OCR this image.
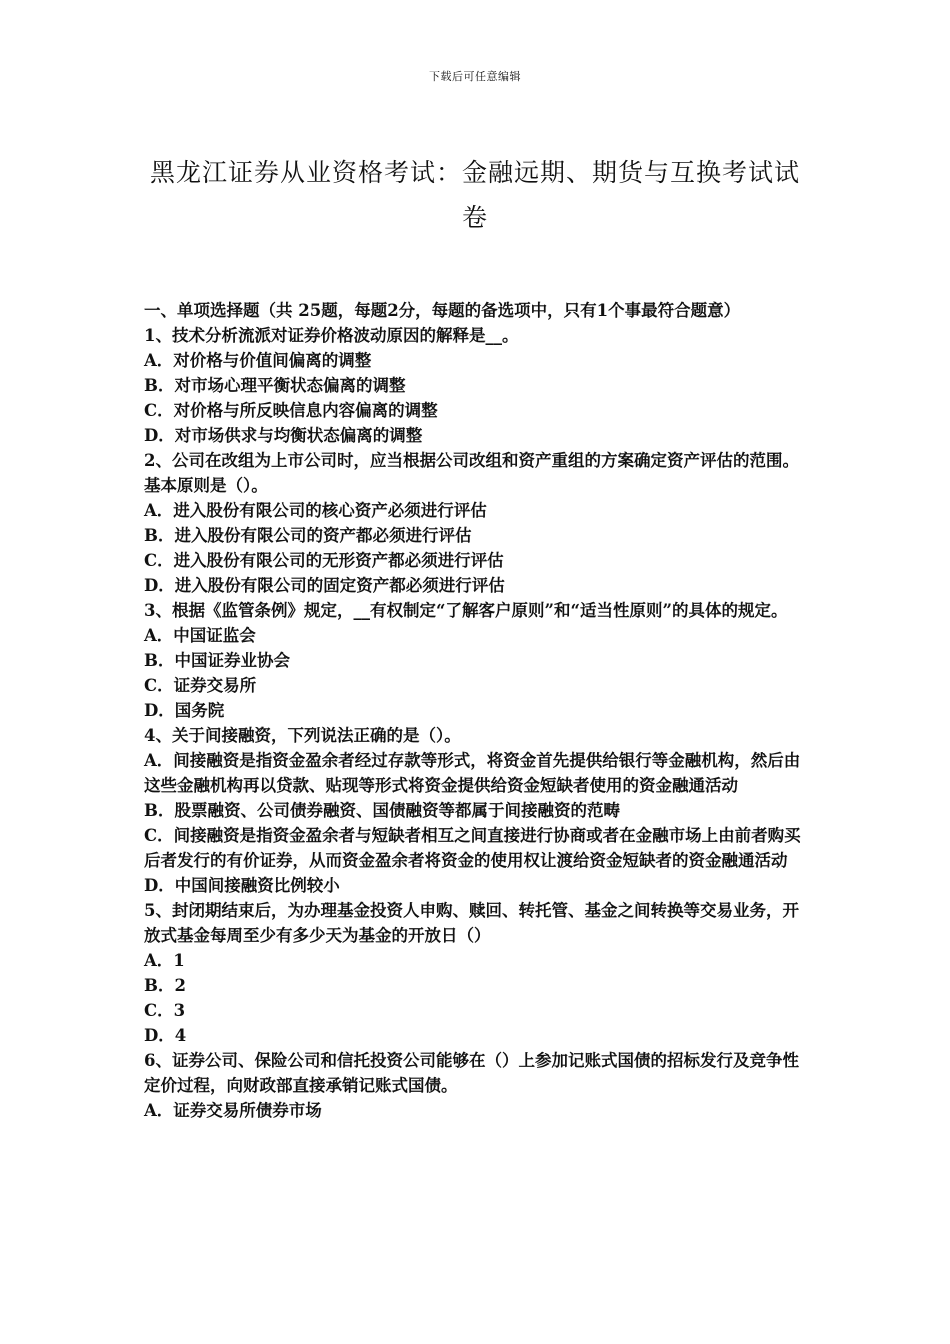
下载后可任意编辑
黑龙江证券从业资格考试：金融远期、期货与互换考试试卷

一、单项选择题（共 25题，每题2分，每题的备选项中，只有1个事最符合题意）

1、技术分析流派对证券价格波动原因的解释是__。

A．对价格与价值间偏离的调整

B．对市场心理平衡状态偏离的调整

C．对价格与所反映信息内容偏离的调整

D．对市场供求与均衡状态偏离的调整

2、公司在改组为上市公司时，应当根据公司改组和资产重组的方案确定资产评估的范围。基本原则是（）。

A．进入股份有限公司的核心资产必须进行评估

B．进入股份有限公司的资产都必须进行评估

C．进入股份有限公司的无形资产都必须进行评估

D．进入股份有限公司的固定资产都必须进行评估

3、根据《监管条例》规定，__有权制定“了解客户原则”和“适当性原则”的具体的规定。

A．中国证监会

B．中国证券业协会

C．证券交易所

D．国务院

4、关于间接融资，下列说法正确的是（）。

A．间接融资是指资金盈余者经过存款等形式，将资金首先提供给银行等金融机构，然后由这些金融机构再以贷款、贴现等形式将资金提供给资金短缺者使用的资金融通活动

B．股票融资、公司债券融资、国债融资等都属于间接融资的范畴

C．间接融资是指资金盈余者与短缺者相互之间直接进行协商或者在金融市场上由前者购买后者发行的有价证券，从而资金盈余者将资金的使用权让渡给资金短缺者的资金融通活动

D．中国间接融资比例较小

5、封闭期结束后，为办理基金投资人申购、赎回、转托管、基金之间转换等交易业务，开放式基金每周至少有多少天为基金的开放日（）

A．1

B．2

C．3

D．4

6、证券公司、保险公司和信托投资公司能够在（）上参加记账式国债的招标发行及竞争性定价过程，向财政部直接承销记账式国债。

A．证券交易所债券市场
